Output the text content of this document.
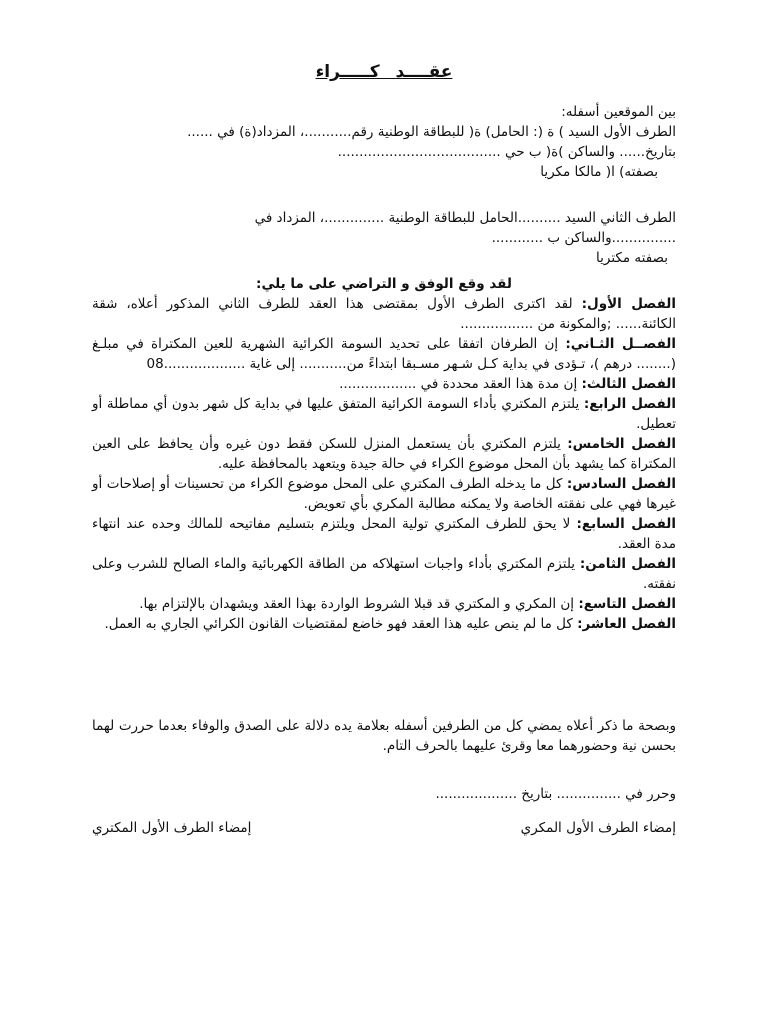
عقــــد كـــــراء
بين الموقعين أسفله:
الطرف الأول السيد ) ة (: الحامل) ة( للبطاقة الوطنية رقم...........، المزداد(ة) في ......
بتاريخ...... والساكن )ة( ب حي ......................................
بصفته) ا( مالكا مكريا
الطرف الثاني السيد ..........الحامل للبطاقة الوطنية ..............، المزداد في
...............والساكن ب ............
بصفته مكتريا
لقد وقع الوفق و التراضي على ما يلي:
الفصل الأول: لقد اكترى الطرف الأول بمقتضى هذا العقد للطرف الثاني المذكور أعلاه، شقة الكائنة...... ;والمكونة من .................
الفصــل الثـاني: إن الطرفان اتفقا على تحديد السومة الكرائية الشهرية للعين المكتراة في مبلـغ (........ درهم )، تـؤدى في بداية كـل شـهر مسـبقا ابتداءً من........... إلى غاية ...................08
الفصل الثالث: إن مدة هذا العقد محددة في ..................
الفصل الرابع: يلتزم المكتري بأداء السومة الكرائية المتفق عليها في بداية كل شهر بدون أي مماطلة أو تعطيل.
الفصل الخامس: يلتزم المكتري بأن يستعمل المنزل للسكن فقط دون غيره وأن يحافظ على العين المكتراة كما يشهد بأن المحل موضوع الكراء في حالة جيدة ويتعهد بالمحافظة عليه.
الفصل السادس: كل ما يدخله الطرف المكتري على المحل موضوع الكراء من تحسينات أو إصلاحات أو غيرها فهي على نفقته الخاصة ولا يمكنه مطالبة المكري بأي تعويض.
الفصل السابع: لا يحق للطرف المكتري تولية المحل ويلتزم بتسليم مفاتيحه للمالك وحده عند انتهاء مدة العقد.
الفصل الثامن: يلتزم المكتري بأداء واجبات استهلاكه من الطاقة الكهربائية والماء الصالح للشرب وعلى نفقته.
الفصل التاسع: إن المكري و المكتري قد قبلا الشروط الواردة بهذا العقد ويشهدان بالإلتزام بها.
الفصل العاشر: كل ما لم ينص عليه هذا العقد فهو خاضع لمقتضيات القانون الكرائي الجاري به العمل.
وبصحة ما ذكر أعلاه يمضي كل من الطرفين أسفله بعلامة يده دلالة على الصدق والوفاء بعدما حررت لهما بحسن نية وحضورهما معا وقرئ عليهما بالحرف التام.
وحرر في ............... بتاريخ ...................
إمضاء الطرف الأول المكري
إمضاء الطرف الأول المكتري
